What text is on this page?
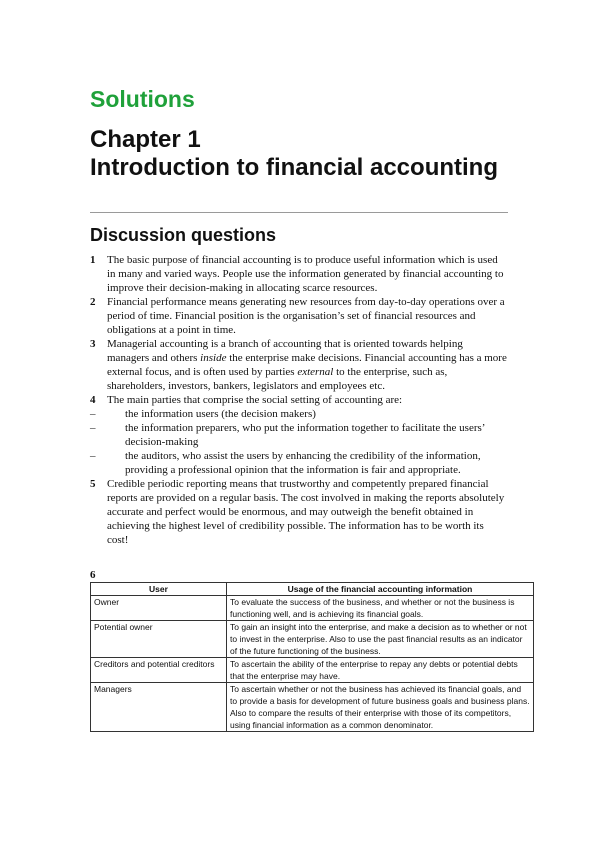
Solutions
Chapter 1
Introduction to financial accounting
Discussion questions
1	The basic purpose of financial accounting is to produce useful information which is used in many and varied ways. People use the information generated by financial accounting to improve their decision-making in allocating scarce resources.
2	Financial performance means generating new resources from day-to-day operations over a period of time. Financial position is the organisation’s set of financial resources and obligations at a point in time.
3	Managerial accounting is a branch of accounting that is oriented towards helping managers and others inside the enterprise make decisions. Financial accounting has a more external focus, and is often used by parties external to the enterprise, such as, shareholders, investors, bankers, legislators and employees etc.
4	The main parties that comprise the social setting of accounting are:
–	the information users (the decision makers)
–	the information preparers, who put the information together to facilitate the users’ decision-making
–	the auditors, who assist the users by enhancing the credibility of the information, providing a professional opinion that the information is fair and appropriate.
5	Credible periodic reporting means that trustworthy and competently prepared financial reports are provided on a regular basis. The cost involved in making the reports absolutely accurate and perfect would be enormous, and may outweigh the benefit obtained in achieving the highest level of credibility possible. The information has to be worth its cost!
6
User	Usage of the financial accounting information
Owner	To evaluate the success of the business, and whether or not the business is functioning well, and is achieving its financial goals.
Potential owner	To gain an insight into the enterprise, and make a decision as to whether or not to invest in the enterprise. Also to use the past financial results as an indicator of the future functioning of the business.
Creditors and potential creditors	To ascertain the ability of the enterprise to repay any debts or potential debts that the enterprise may have.
Managers	To ascertain whether or not the business has achieved its financial goals, and to provide a basis for development of future business goals and business plans. Also to compare the results of their enterprise with those of its competitors, using financial information as a common denominator.
